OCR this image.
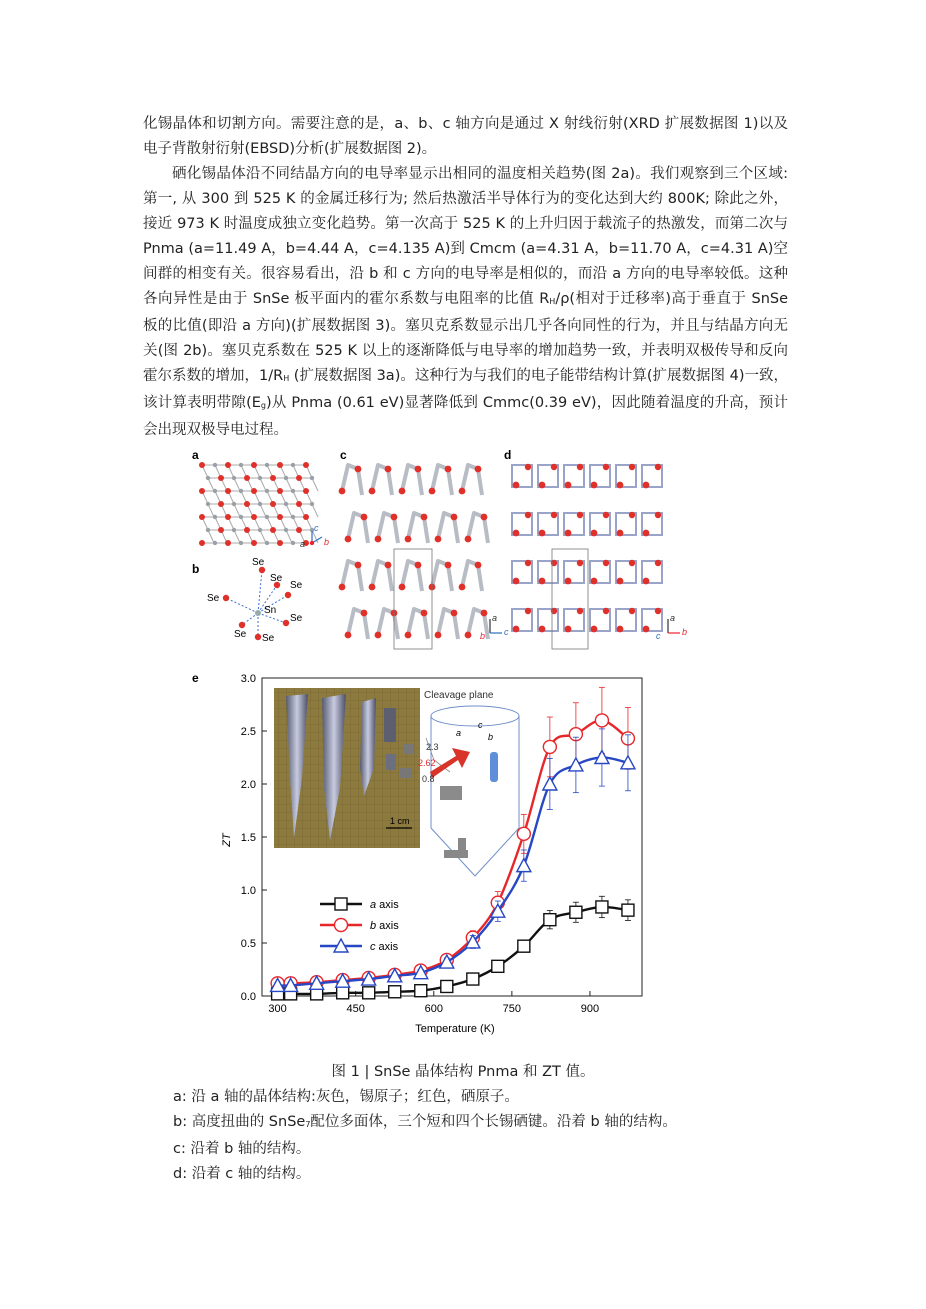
化锡晶体和切割方向。需要注意的是，a、b、c 轴方向是通过 X 射线衍射(XRD 扩展数据图 1)以及电子背散射衍射(EBSD)分析(扩展数据图 2)。

硒化锡晶体沿不同结晶方向的电导率显示出相同的温度相关趋势(图 2a)。我们观察到三个区域:第一, 从 300 到 525 K 的金属迁移行为; 然后热激活半导体行为的变化达到大约 800K; 除此之外，接近 973 K 时温度成独立变化趋势。第一次高于 525 K 的上升归因于载流子的热激发，而第二次与 Pnma (a=11.49 A，b=4.44 A，c=4.135 A)到 Cmcm (a=4.31 A，b=11.70 A，c=4.31 A)空间群的相变有关。很容易看出，沿 b 和 c 方向的电导率是相似的，而沿 a 方向的电导率较低。这种各向异性是由于 SnSe 板平面内的霍尔系数与电阻率的比值 $R_H/\rho$(相对于迁移率)高于垂直于 SnSe 板的比值(即沿 a 方向)(扩展数据图 3)。塞贝克系数显示出几乎各向同性的行为，并且与结晶方向无关(图 2b)。塞贝克系数在 525 K 以上的逐渐降低与电导率的增加趋势一致，并表明双极传导和反向霍尔系数的增加，$1/R_H$ (扩展数据图 3a)。这种行为与我们的电子能带结构计算(扩展数据图 4)一致，该计算表明带隙$(E_g)$从 Pnma (0.61 eV)显著降低到 Cmmc(0.39 eV)，因此随着温度的升高，预计会出现双极导电过程。

a
b
c	d
c
a b
Se
Se
Se
Se
Sn
Se
Se Se
a
b c
a
c b
e
0.0
0.5
1.0
1.5
2.0
2.5
3.0
300	450	600	750	900
Temperature (K)
ZT
1 cm
Cleavage plane
2.3
2.62
0.8
c
a	b
a axis
b axis
c axis
图 1 | SnSe 晶体结构 Pnma 和 ZT 值。
a: 沿 a 轴的晶体结构:灰色，锡原子；红色，硒原子。
b: 高度扭曲的 SnSe$_7$配位多面体，三个短和四个长锡硒键。沿着 b 轴的结构。
c: 沿着 b 轴的结构。
d: 沿着 c 轴的结构。
